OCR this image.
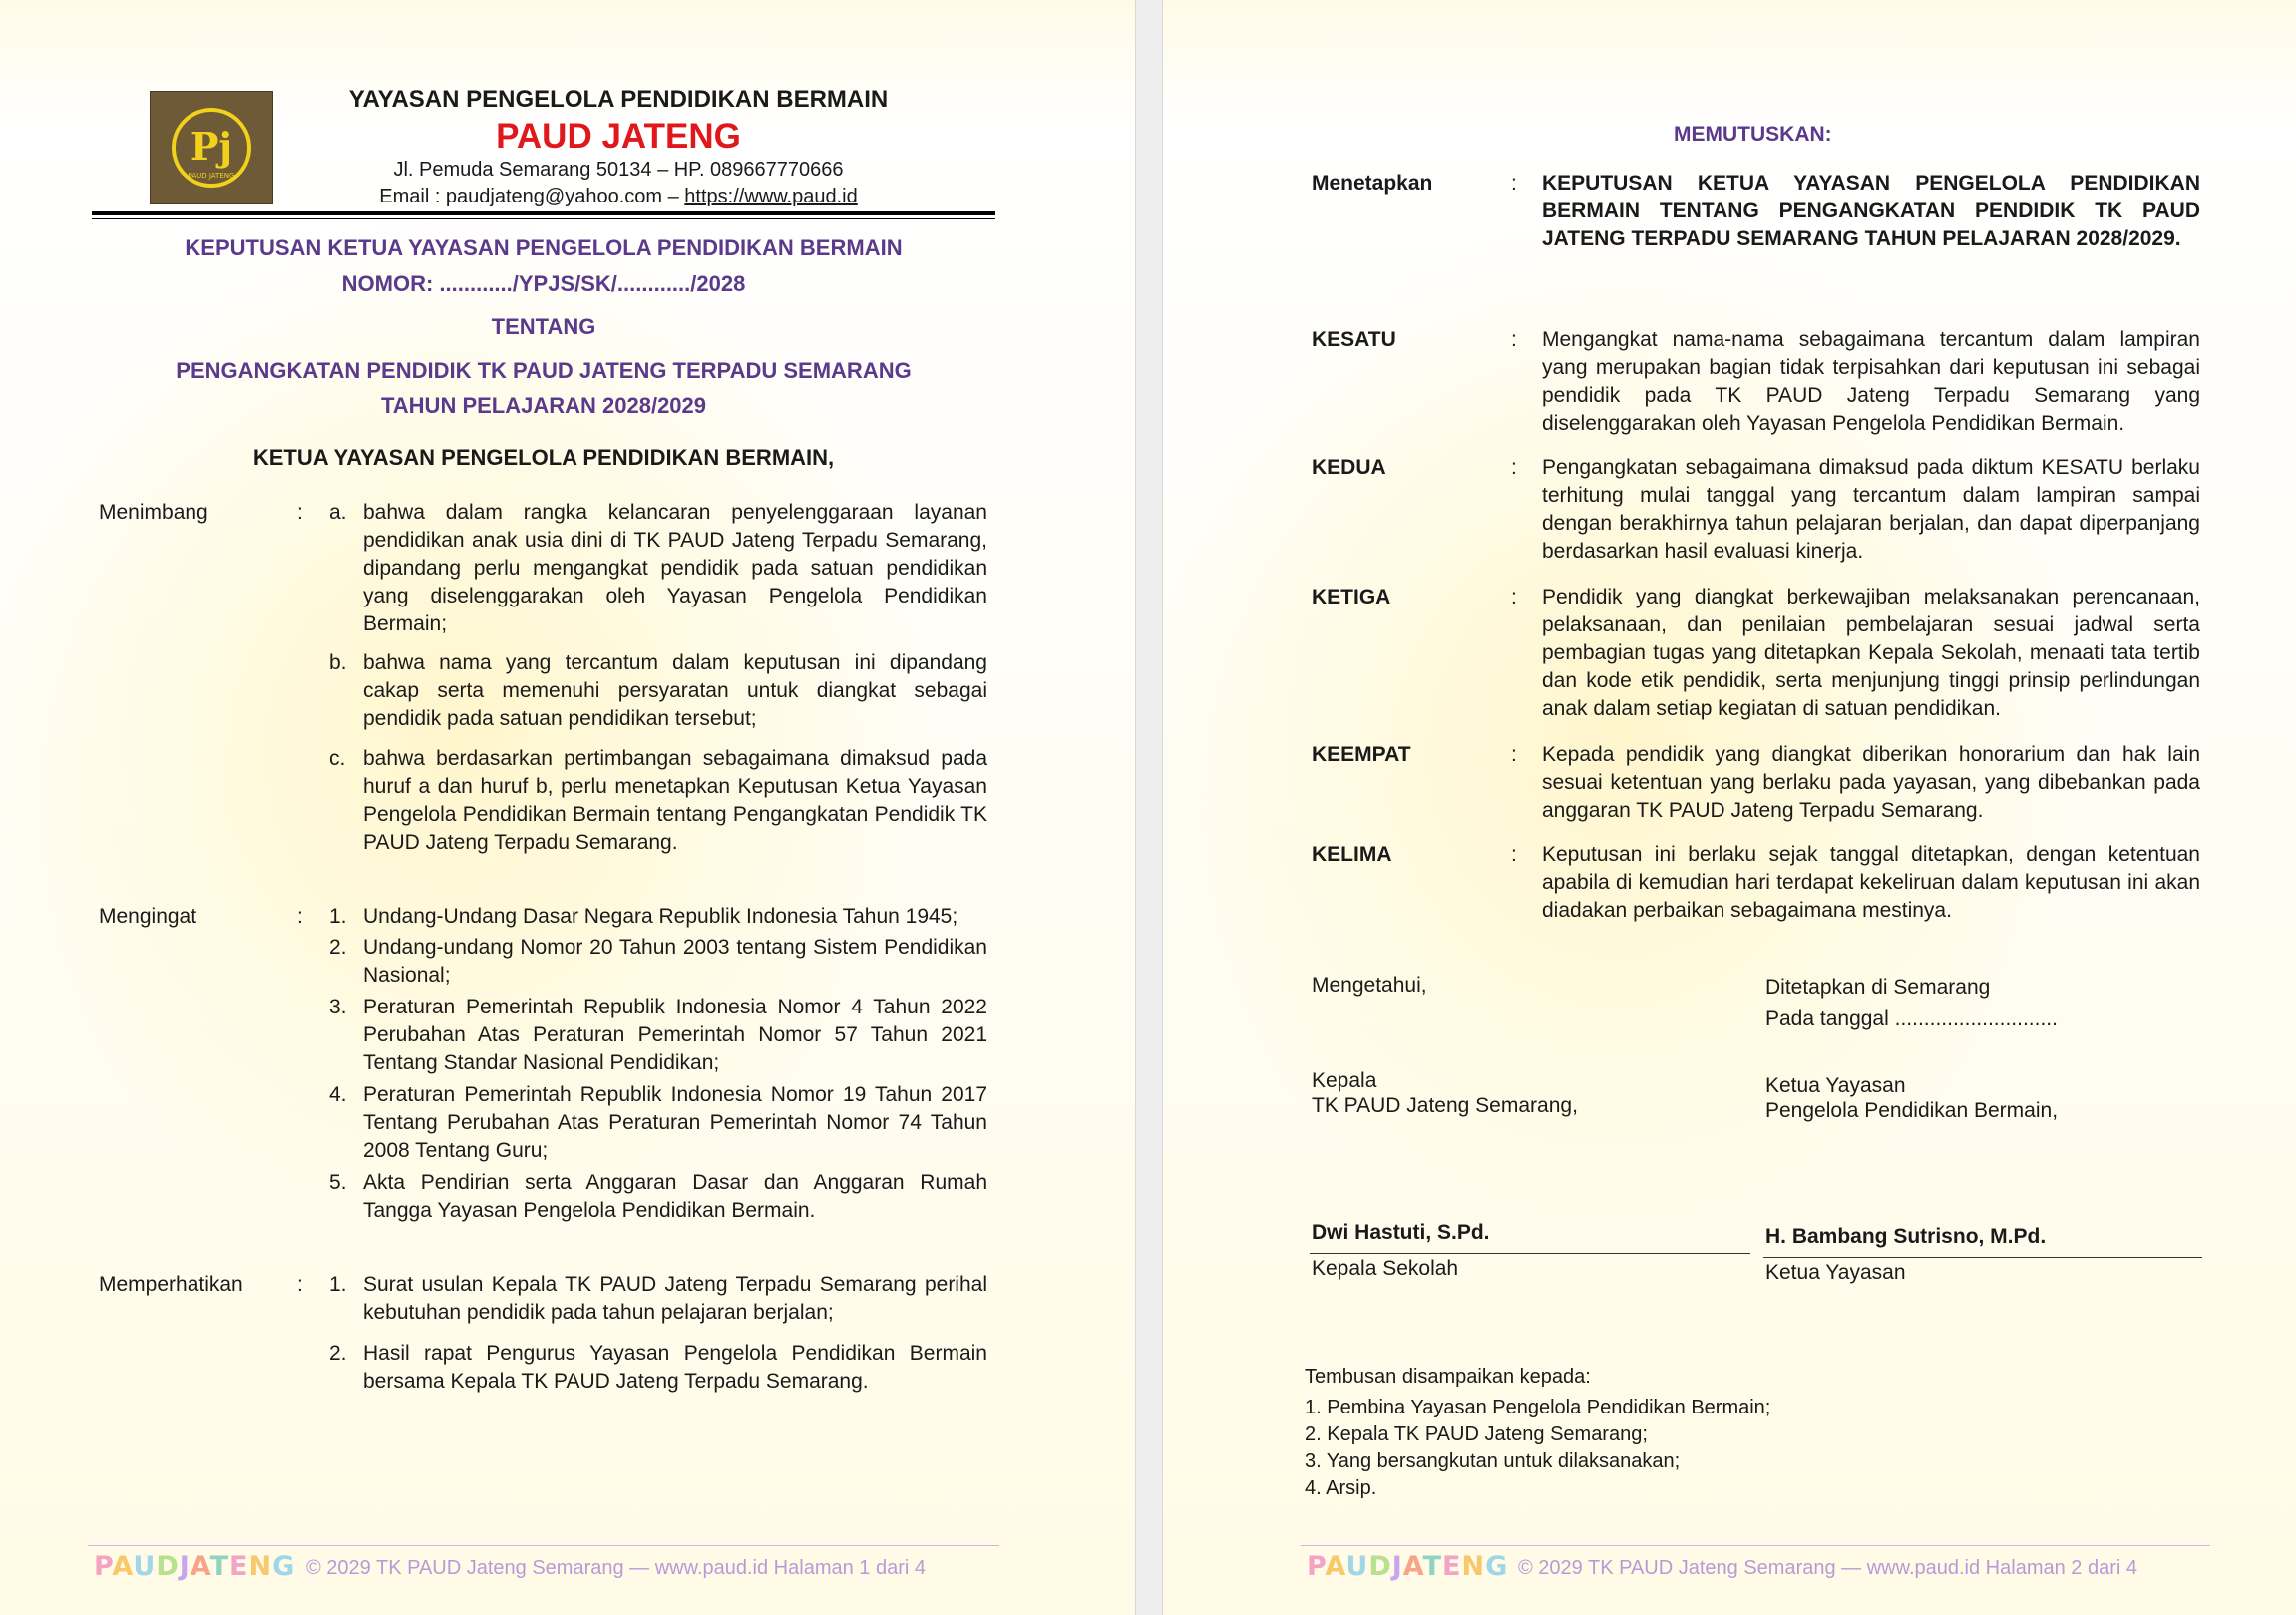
Pj
PAUD JATENG
YAYASAN PENGELOLA PENDIDIKAN BERMAIN
PAUD JATENG
Jl. Pemuda Semarang 50134 – HP. 089667770666
Email : paudjateng@yahoo.com – https://www.paud.id
KEPUTUSAN KETUA YAYASAN PENGELOLA PENDIDIKAN BERMAIN
NOMOR: ............/YPJS/SK/............/2028
TENTANG
PENGANGKATAN PENDIDIK TK PAUD JATENG TERPADU SEMARANG
TAHUN PELAJARAN 2028/2029
KETUA YAYASAN PENGELOLA PENDIDIKAN BERMAIN,
Menimbang	: a. bahwa dalam rangka kelancaran penyelenggaraan layanan pendidikan anak usia dini di TK PAUD Jateng Terpadu Semarang, dipandang perlu mengangkat pendidik pada satuan pendidikan yang diselenggarakan oleh Yayasan Pengelola Pendidikan Bermain;
b. bahwa nama yang tercantum dalam keputusan ini dipandang cakap serta memenuhi persyaratan untuk diangkat sebagai pendidik pada satuan pendidikan tersebut;
c. bahwa berdasarkan pertimbangan sebagaimana dimaksud pada huruf a dan huruf b, perlu menetapkan Keputusan Ketua Yayasan Pengelola Pendidikan Bermain tentang Pengangkatan Pendidik TK PAUD Jateng Terpadu Semarang.
Mengingat	: 1. Undang-Undang Dasar Negara Republik Indonesia Tahun 1945;
2. Undang-undang Nomor 20 Tahun 2003 tentang Sistem Pendidikan Nasional;
3. Peraturan Pemerintah Republik Indonesia Nomor 4 Tahun 2022 Perubahan Atas Peraturan Pemerintah Nomor 57 Tahun 2021 Tentang Standar Nasional Pendidikan;
4. Peraturan Pemerintah Republik Indonesia Nomor 19 Tahun 2017 Tentang Perubahan Atas Peraturan Pemerintah Nomor 74 Tahun 2008 Tentang Guru;
5. Akta Pendirian serta Anggaran Dasar dan Anggaran Rumah Tangga Yayasan Pengelola Pendidikan Bermain.
Memperhatikan	: 1. Surat usulan Kepala TK PAUD Jateng Terpadu Semarang perihal kebutuhan pendidik pada tahun pelajaran berjalan;
2. Hasil rapat Pengurus Yayasan Pengelola Pendidikan Bermain bersama Kepala TK PAUD Jateng Terpadu Semarang.
PAUDJATENG © 2029 TK PAUD Jateng Semarang — www.paud.id Halaman 1 dari 4
MEMUTUSKAN:
Menetapkan	: KEPUTUSAN KETUA YAYASAN PENGELOLA PENDIDIKAN BERMAIN TENTANG PENGANGKATAN PENDIDIK TK PAUD JATENG TERPADU SEMARANG TAHUN PELAJARAN 2028/2029.
KESATU	: Mengangkat nama-nama sebagaimana tercantum dalam lampiran yang merupakan bagian tidak terpisahkan dari keputusan ini sebagai pendidik pada TK PAUD Jateng Terpadu Semarang yang diselenggarakan oleh Yayasan Pengelola Pendidikan Bermain.
KEDUA	: Pengangkatan sebagaimana dimaksud pada diktum KESATU berlaku terhitung mulai tanggal yang tercantum dalam lampiran sampai dengan berakhirnya tahun pelajaran berjalan, dan dapat diperpanjang berdasarkan hasil evaluasi kinerja.
KETIGA	: Pendidik yang diangkat berkewajiban melaksanakan perencanaan, pelaksanaan, dan penilaian pembelajaran sesuai jadwal serta pembagian tugas yang ditetapkan Kepala Sekolah, menaati tata tertib dan kode etik pendidik, serta menjunjung tinggi prinsip perlindungan anak dalam setiap kegiatan di satuan pendidikan.
KEEMPAT	: Kepada pendidik yang diangkat diberikan honorarium dan hak lain sesuai ketentuan yang berlaku pada yayasan, yang dibebankan pada anggaran TK PAUD Jateng Terpadu Semarang.
KELIMA	: Keputusan ini berlaku sejak tanggal ditetapkan, dengan ketentuan apabila di kemudian hari terdapat kekeliruan dalam keputusan ini akan diadakan perbaikan sebagaimana mestinya.
Mengetahui,
Kepala
TK PAUD Jateng Semarang,
Dwi Hastuti, S.Pd.
Kepala Sekolah
Ditetapkan di Semarang
Pada tanggal ............................
Ketua Yayasan
Pengelola Pendidikan Bermain,
H. Bambang Sutrisno, M.Pd.
Ketua Yayasan
Tembusan disampaikan kepada:
1. Pembina Yayasan Pengelola Pendidikan Bermain;
2. Kepala TK PAUD Jateng Semarang;
3. Yang bersangkutan untuk dilaksanakan;
4. Arsip.
PAUDJATENG © 2029 TK PAUD Jateng Semarang — www.paud.id Halaman 2 dari 4
